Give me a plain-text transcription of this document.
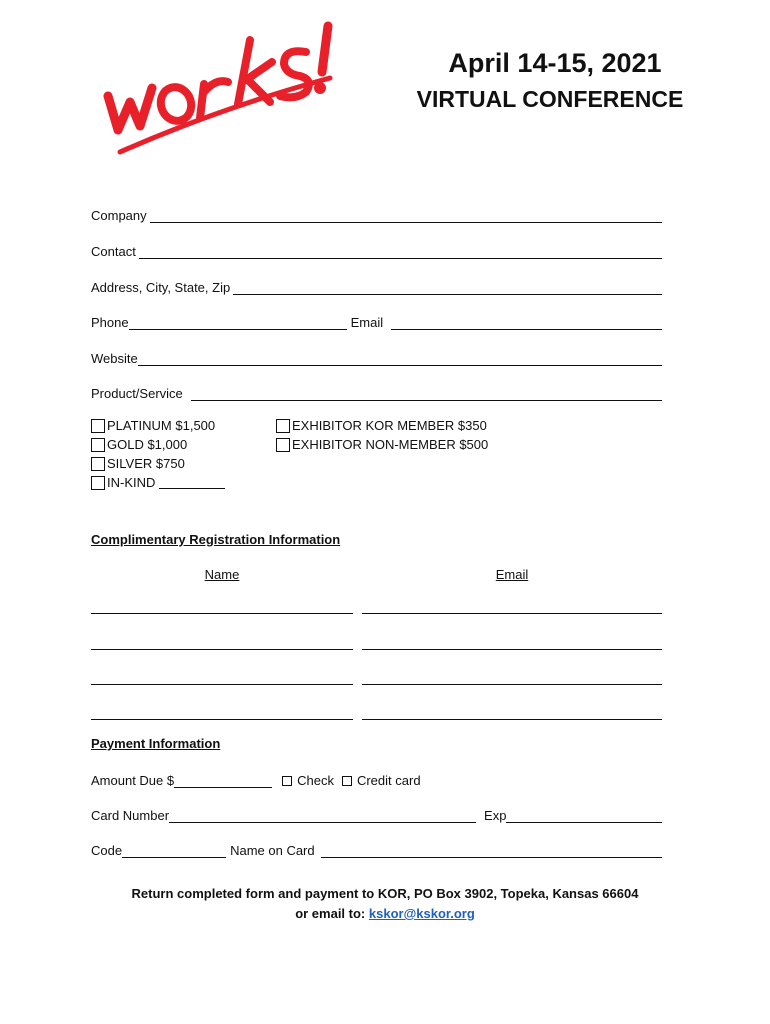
April 14-15, 2021
VIRTUAL CONFERENCE
Company
Contact
Address, City, State, Zip
Phone	Email
Website
Product/Service
PLATINUM $1,500
GOLD $1,000
SILVER $750
IN-KIND
EXHIBITOR KOR MEMBER $350
EXHIBITOR NON-MEMBER $500
Complimentary Registration Information
Name	Email
Payment Information
Amount Due $	Check	Credit card
Card Number	Exp
Code	Name on Card
Return completed form and payment to KOR, PO Box 3902, Topeka, Kansas 66604
or email to: kskor@kskor.org
